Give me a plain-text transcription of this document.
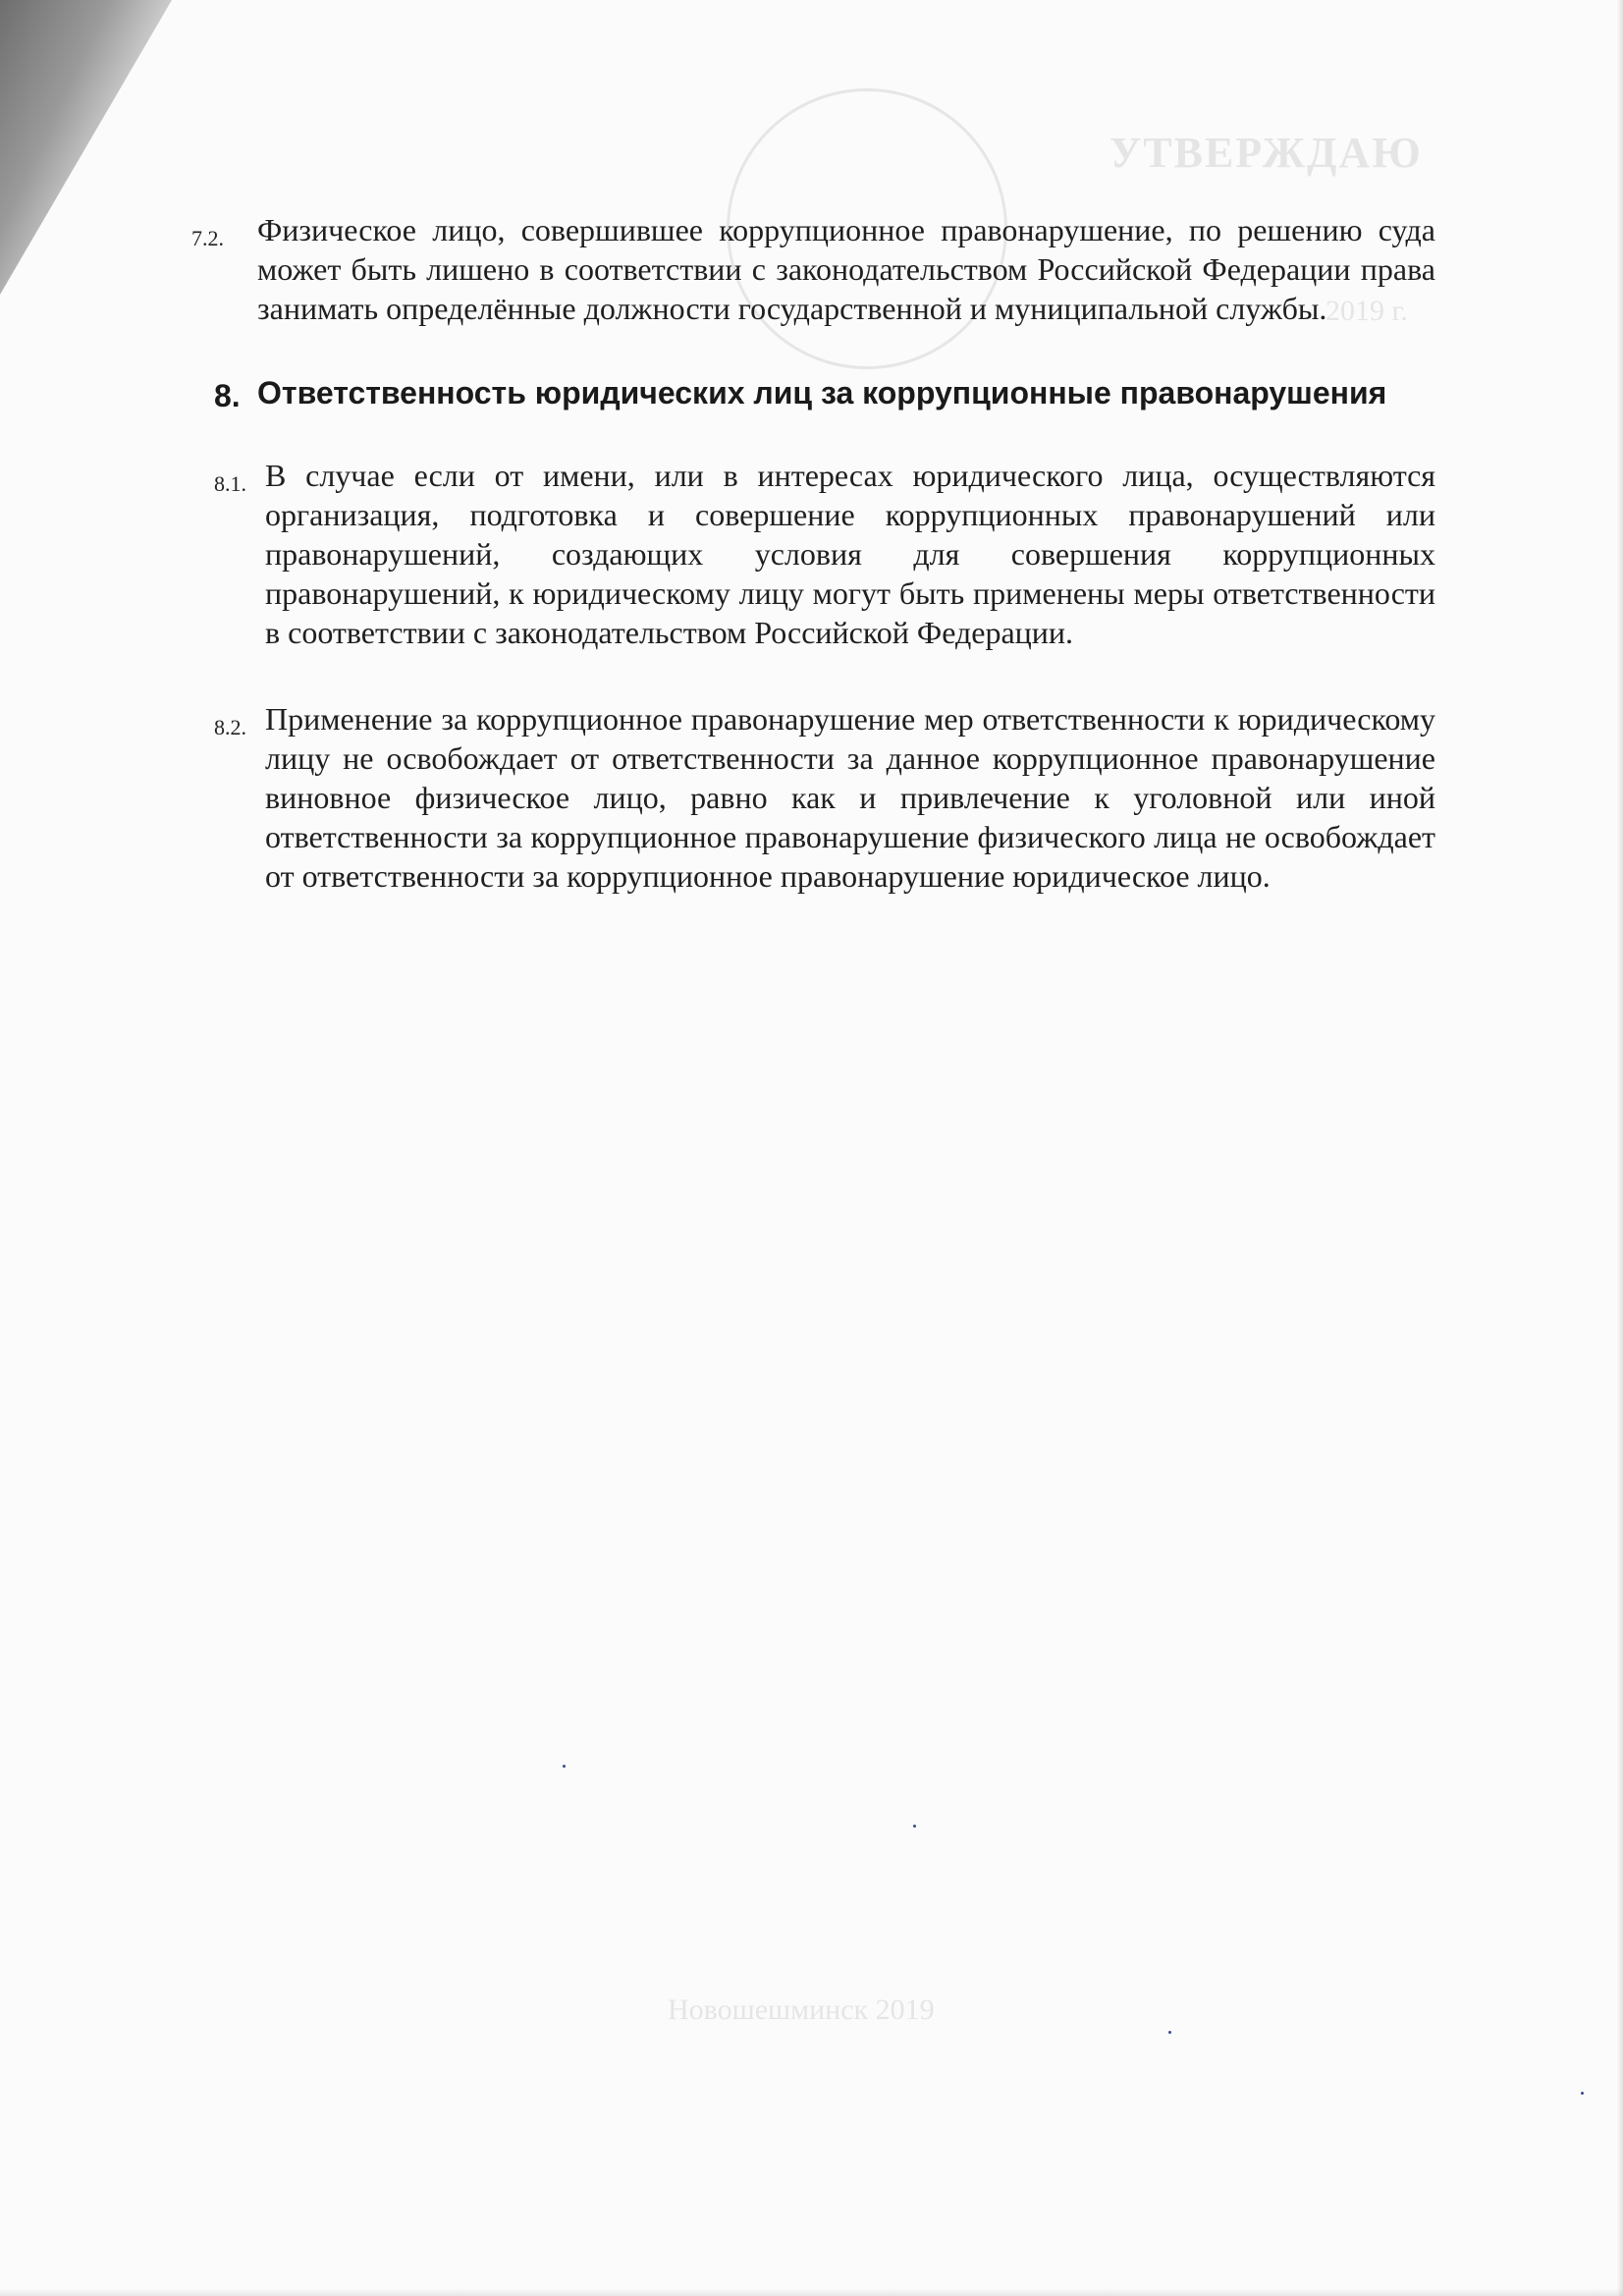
УТВЕРЖДАЮ
2019 г.
Новошешминск 2019
7.2. Физическое лицо, совершившее коррупционное правонарушение, по решению суда может быть лишено в соответствии с законодательством Российской Федерации права занимать определённые должности государственной и муниципальной службы.
8. Ответственность юридических лиц за коррупционные правонарушения
8.1. В случае если от имени, или в интересах юридического лица, осуществляются организация, подготовка и совершение коррупционных правонарушений или правонарушений, создающих условия для совершения коррупционных правонарушений, к юридическому лицу могут быть применены меры ответственности в соответствии с законодательством Российской Федерации.
8.2. Применение за коррупционное правонарушение мер ответственности к юридическому лицу не освобождает от ответственности за данное коррупционное правонарушение виновное физическое лицо, равно как и привлечение к уголовной или иной ответственности за коррупционное правонарушение физического лица не освобождает от ответственности за коррупционное правонарушение юридическое лицо.
